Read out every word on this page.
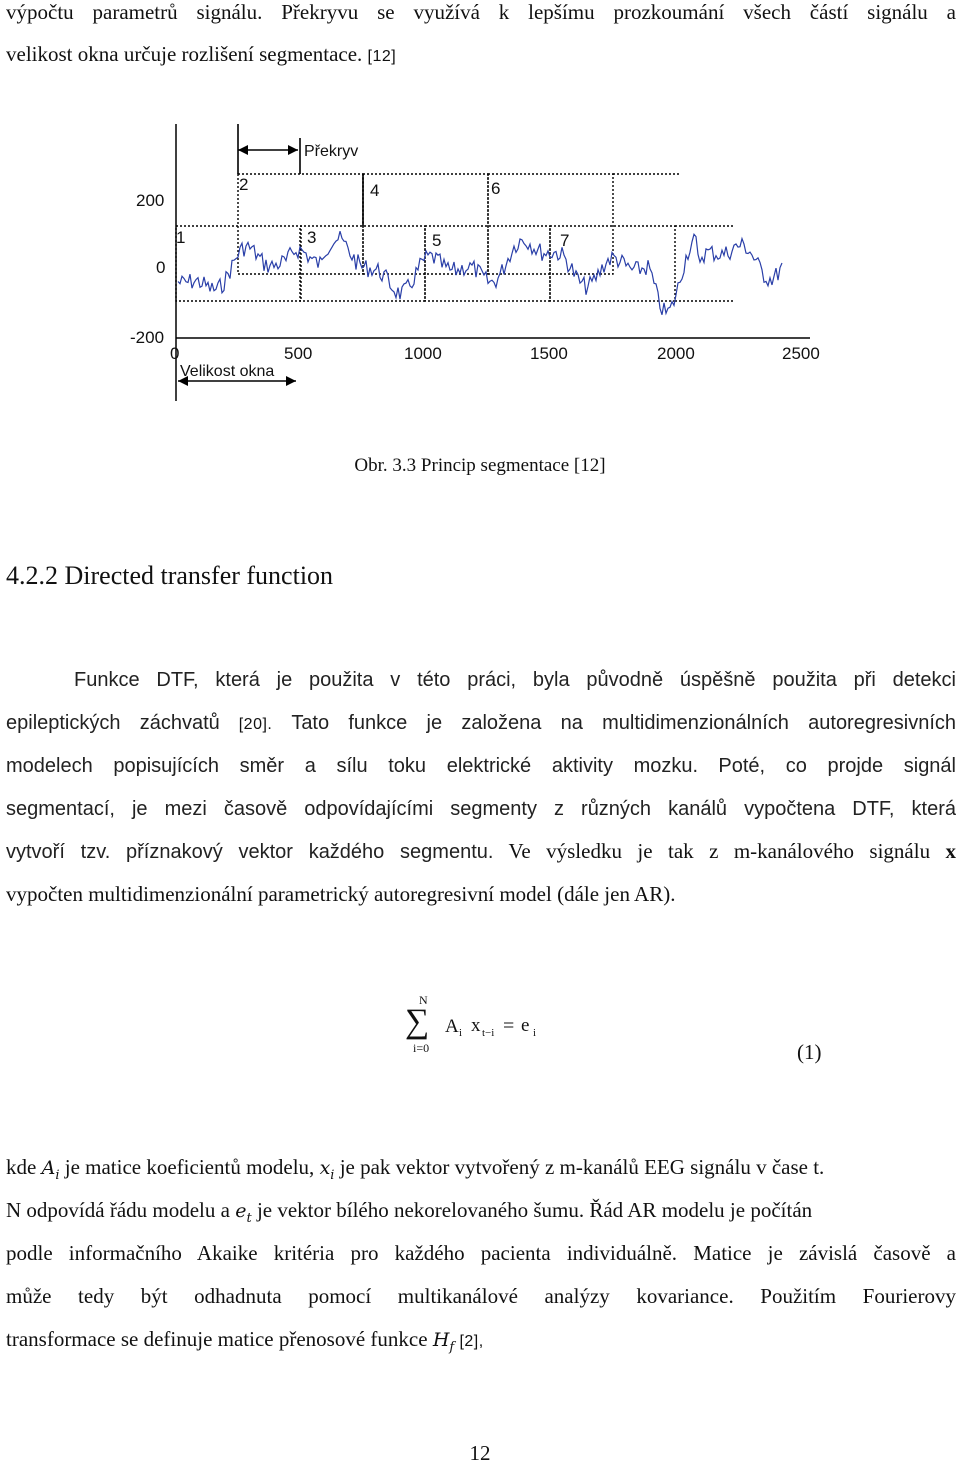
výpočtu parametrů signálu. Překryvu se využívá k lepšímu prozkoumání všech částí signálu a
velikost okna určuje rozlišení segmentace. [12]
200
0
-200
0	500	1000	1500	2000	2500
Překryv
Velikost okna
1
2
3
4
5
6
7
Obr. 3.3 Princip segmentace [12]
4.2.2 Directed transfer function
Funkce DTF, která je použita v této práci, byla původně úspěšně použita při detekci
epileptických záchvatů [20]. Tato funkce je založena na multidimenzionálních autoregresivních
modelech popisujících směr a sílu toku elektrické aktivity mozku. Poté, co projde signál
segmentací, je mezi časově odpovídajícími segmenty z různých kanálů vypočtena DTF, která
vytvoří tzv. příznakový vektor každého segmentu. Ve výsledku je tak z m-kanálového signálu x
vypočten multidimenzionální parametrický autoregresivní model (dále jen AR).
N
∑
i=0
A i x t−i = e i
(1)
kde $A_i$ je matice koeficientů modelu, $x_i$ je pak vektor vytvořený z m-kanálů EEG signálu v čase t.
N odpovídá řádu modelu a $e_t$ je vektor bílého nekorelovaného šumu. Řád AR modelu je počítán
podle informačního Akaike kritéria pro každého pacienta individuálně. Matice je závislá časově a
může tedy být odhadnuta pomocí multikanálové analýzy kovariance. Použitím Fourierovy
transformace se definuje matice přenosové funkce $H_f$ [2],
12
